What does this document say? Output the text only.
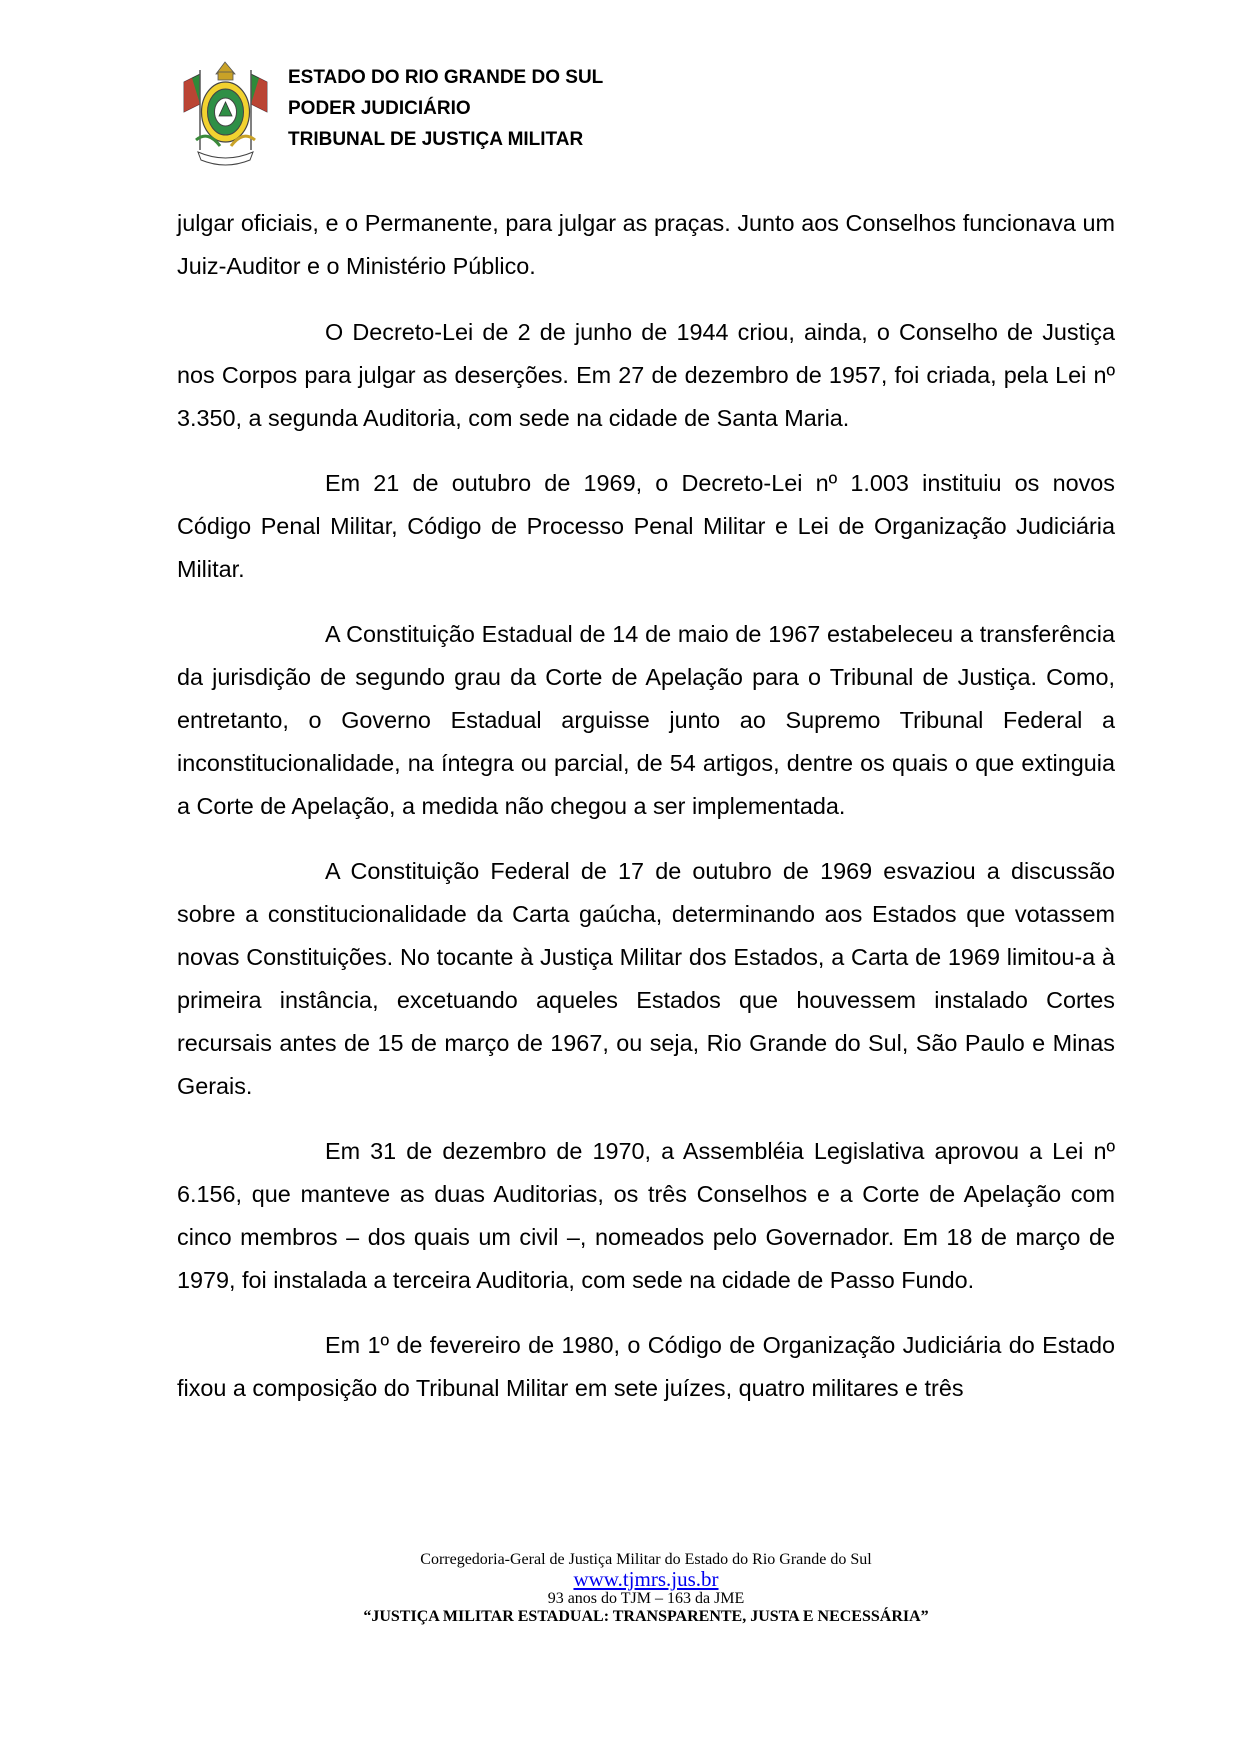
ESTADO DO RIO GRANDE DO SUL
PODER JUDICIÁRIO
TRIBUNAL DE JUSTIÇA MILITAR

julgar oficiais, e o Permanente, para julgar as praças. Junto aos Conselhos funcionava um Juiz-Auditor e o Ministério Público.

O Decreto-Lei de 2 de junho de 1944 criou, ainda, o Conselho de Justiça nos Corpos para julgar as deserções. Em 27 de dezembro de 1957, foi criada, pela Lei nº 3.350, a segunda Auditoria, com sede na cidade de Santa Maria.

Em 21 de outubro de 1969, o Decreto-Lei nº 1.003 instituiu os novos Código Penal Militar, Código de Processo Penal Militar e Lei de Organização Judiciária Militar.

A Constituição Estadual de 14 de maio de 1967 estabeleceu a transferência da jurisdição de segundo grau da Corte de Apelação para o Tribunal de Justiça. Como, entretanto, o Governo Estadual arguisse junto ao Supremo Tribunal Federal a inconstitucionalidade, na íntegra ou parcial, de 54 artigos, dentre os quais o que extinguia a Corte de Apelação, a medida não chegou a ser implementada.

A Constituição Federal de 17 de outubro de 1969 esvaziou a discussão sobre a constitucionalidade da Carta gaúcha, determinando aos Estados que votassem novas Constituições. No tocante à Justiça Militar dos Estados, a Carta de 1969 limitou-a à primeira instância, excetuando aqueles Estados que houvessem instalado Cortes recursais antes de 15 de março de 1967, ou seja, Rio Grande do Sul, São Paulo e Minas Gerais.

Em 31 de dezembro de 1970, a Assembléia Legislativa aprovou a Lei nº 6.156, que manteve as duas Auditorias, os três Conselhos e a Corte de Apelação com cinco membros – dos quais um civil –, nomeados pelo Governador. Em 18 de março de 1979, foi instalada a terceira Auditoria, com sede na cidade de Passo Fundo.

Em 1º de fevereiro de 1980, o Código de Organização Judiciária do Estado fixou a composição do Tribunal Militar em sete juízes, quatro militares e três

Corregedoria-Geral de Justiça Militar do Estado do Rio Grande do Sul

www.tjmrs.jus.br

93 anos do TJM – 163 da JME

“JUSTIÇA MILITAR ESTADUAL: TRANSPARENTE, JUSTA E NECESSÁRIA”
